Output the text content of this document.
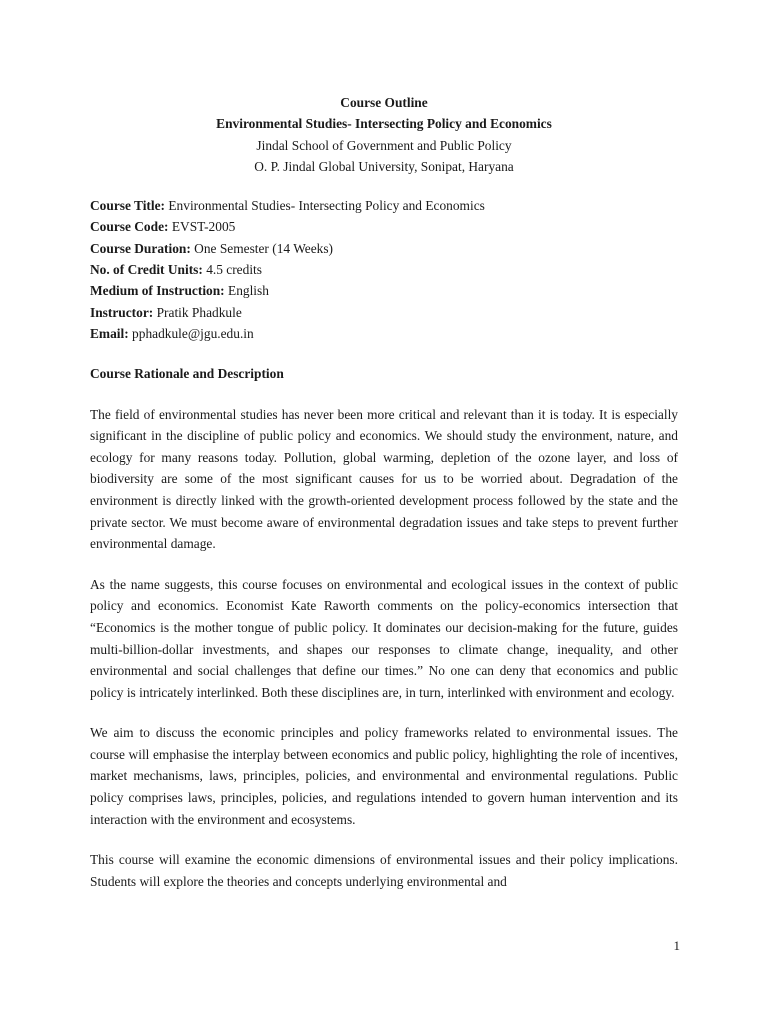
Course Outline
Environmental Studies- Intersecting Policy and Economics
Jindal School of Government and Public Policy
O. P. Jindal Global University, Sonipat, Haryana
Course Title: Environmental Studies- Intersecting Policy and Economics
Course Code: EVST-2005
Course Duration: One Semester (14 Weeks)
No. of Credit Units: 4.5 credits
Medium of Instruction: English
Instructor: Pratik Phadkule
Email: pphadkule@jgu.edu.in
Course Rationale and Description

The field of environmental studies has never been more critical and relevant than it is today. It is especially significant in the discipline of public policy and economics. We should study the environment, nature, and ecology for many reasons today. Pollution, global warming, depletion of the ozone layer, and loss of biodiversity are some of the most significant causes for us to be worried about. Degradation of the environment is directly linked with the growth-oriented development process followed by the state and the private sector. We must become aware of environmental degradation issues and take steps to prevent further environmental damage.

As the name suggests, this course focuses on environmental and ecological issues in the context of public policy and economics. Economist Kate Raworth comments on the policy-economics intersection that “Economics is the mother tongue of public policy. It dominates our decision-making for the future, guides multi-billion-dollar investments, and shapes our responses to climate change, inequality, and other environmental and social challenges that define our times.” No one can deny that economics and public policy is intricately interlinked. Both these disciplines are, in turn, interlinked with environment and ecology.

We aim to discuss the economic principles and policy frameworks related to environmental issues. The course will emphasise the interplay between economics and public policy, highlighting the role of incentives, market mechanisms, laws, principles, policies, and environmental and environmental regulations. Public policy comprises laws, principles, policies, and regulations intended to govern human intervention and its interaction with the environment and ecosystems.

This course will examine the economic dimensions of environmental issues and their policy implications. Students will explore the theories and concepts underlying environmental and

1
